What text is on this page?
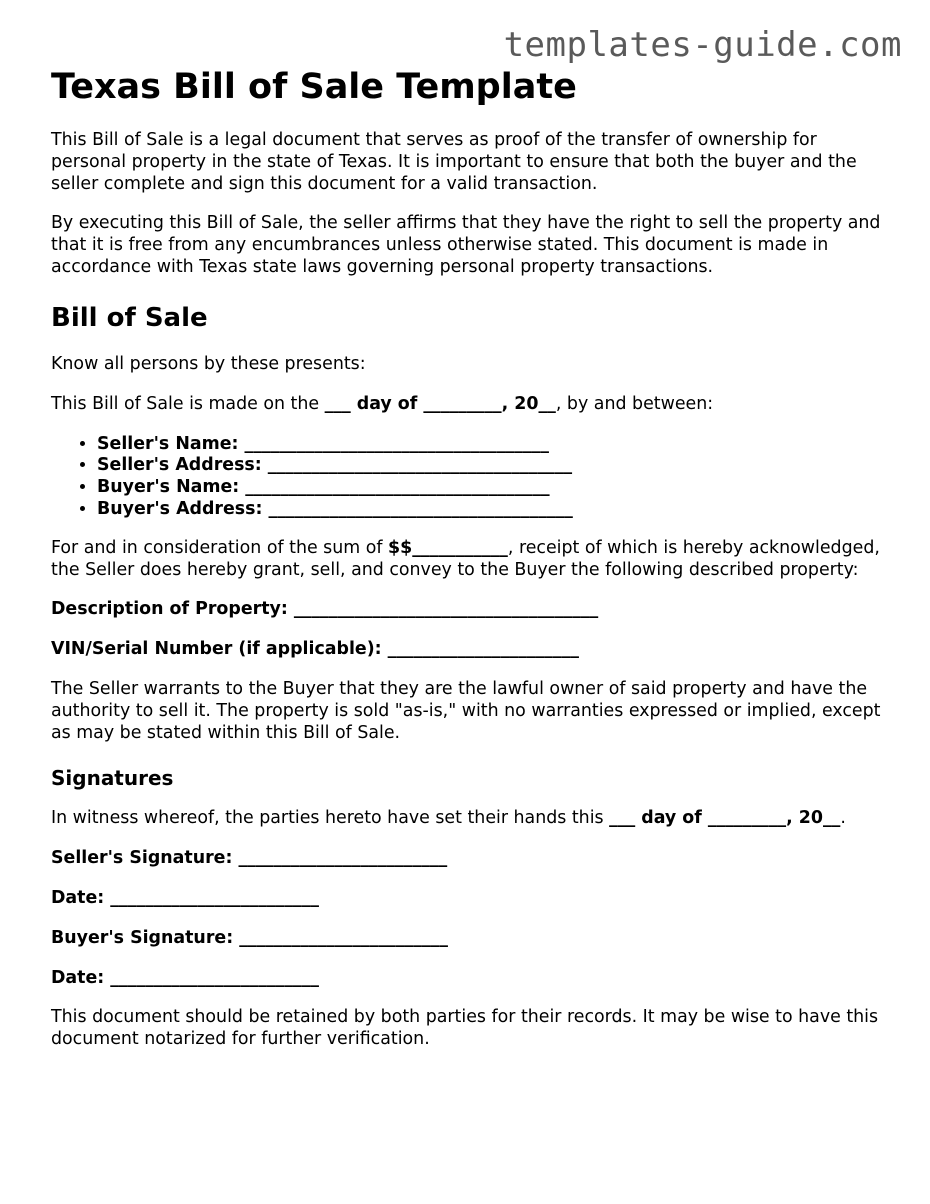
templates-guide.com
Texas Bill of Sale Template

This Bill of Sale is a legal document that serves as proof of the transfer of ownership for personal property in the state of Texas. It is important to ensure that both the buyer and the seller complete and sign this document for a valid transaction.

By executing this Bill of Sale, the seller affirms that they have the right to sell the property and that it is free from any encumbrances unless otherwise stated. This document is made in accordance with Texas state laws governing personal property transactions.

Bill of Sale

Know all persons by these presents:

This Bill of Sale is made on the ___ day of _________, 20__, by and between:

• Seller's Name: ___________________________________
• Seller's Address: ___________________________________
• Buyer's Name: ___________________________________
• Buyer's Address: ___________________________________

For and in consideration of the sum of $$___________, receipt of which is hereby acknowledged, the Seller does hereby grant, sell, and convey to the Buyer the following described property:

Description of Property: ___________________________________

VIN/Serial Number (if applicable): ______________________

The Seller warrants to the Buyer that they are the lawful owner of said property and have the authority to sell it. The property is sold "as-is," with no warranties expressed or implied, except as may be stated within this Bill of Sale.

Signatures

In witness whereof, the parties hereto have set their hands this ___ day of _________, 20__.

Seller's Signature: ________________________

Date: ________________________

Buyer's Signature: ________________________

Date: ________________________

This document should be retained by both parties for their records. It may be wise to have this document notarized for further verification.
